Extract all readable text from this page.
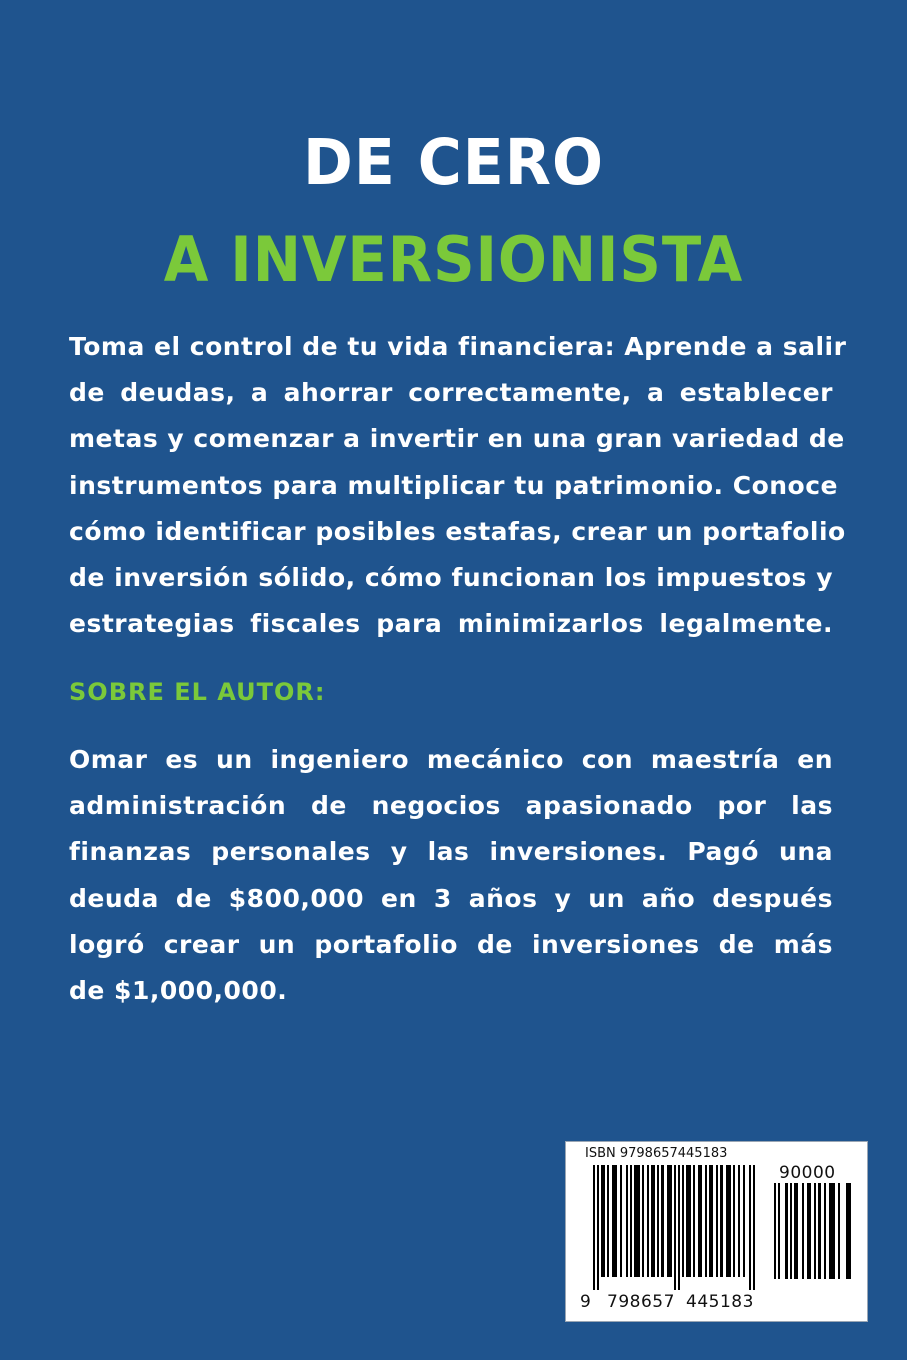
DE CERO
A INVERSIONISTA
Toma el control de tu vida financiera: Aprende a salir
de deudas, a ahorrar correctamente, a establecer
metas y comenzar a invertir en una gran variedad de
instrumentos para multiplicar tu patrimonio. Conoce
cómo identificar posibles estafas, crear un portafolio
de inversión sólido, cómo funcionan los impuestos y
estrategias fiscales para minimizarlos legalmente.
SOBRE EL AUTOR:
Omar es un ingeniero mecánico con maestría en
administración de negocios apasionado por las
finanzas personales y las inversiones. Pagó una
deuda de $800,000 en 3 años y un año después
logró crear un portafolio de inversiones de más
de $1,000,000.
ISBN 9798657445183
90000
9 798657 445183
